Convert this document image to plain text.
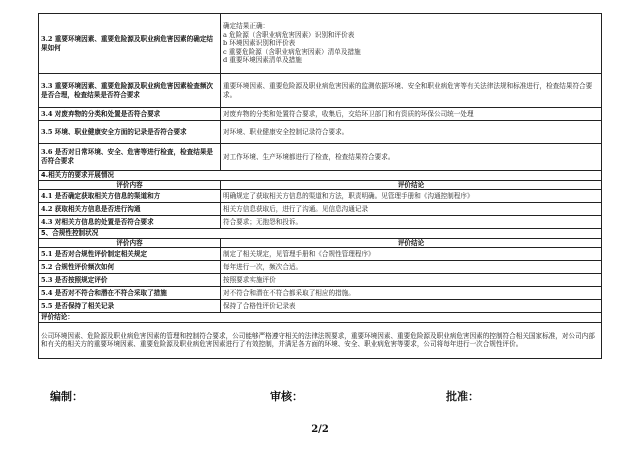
3.2 重要环境因素、重要危险源及职业病危害因素的确定结果如何	确定结果正确：
a 危险源（含职业病危害因素）识别和评价表
b 环境因素识别和评价表
c 重要危险源（含职业病危害因素）清单及措施
d 重要环境因素清单及措施

3.3 重要环境因素、重要危险源及职业病危害因素检查频次是否合理，检查结果是否符合要求	重要环境因素、重要危险源及职业病危害因素的监测依据环境、安全和职业病危害等有关法律法规和标准进行，检查结果符合要求。
3.4 对废弃物的分类和处置是否符合要求	对废弃物的分类和处置符合要求，收集后，交给环卫部门和有资质的环保公司统一处理
3.5 环境、职业健康安全方面的记录是否符合要求	对环境、职业健康安全控制记录符合要求。
3.6 是否对日常环境、安全、危害等进行检查，检查结果是否符合要求	对工作环境、生产环境都进行了检查，检查结果符合要求。
4.相关方的要求开展情况	
评价内容	评价结论
4.1 是否确定获取相关方信息的渠道和方	明确规定了获取相关方信息的渠道和方法，职责明确。见管理手册和《沟通控制程序》
4.2 获取相关方信息是否进行沟通	相关方信息获取后，进行了沟通。见信息沟通记录
4.3 对相关方信息的处置是否符合要求	符合要求；无抱怨和投诉。
5、合规性控制状况	
评价内容	评价结论
5.1 是否对合规性评价制定相关规定	制定了相关规定，见管理手册和《合规性管理程序》
5.2 合规性评价频次如何	每年进行一次，频次合适。
5.3 是否按照规定评价	按照要求实施评价
5.4 是否对不符合和潜在不符合采取了措施	对不符合和潜在不符合都采取了相应的措施。
5.5 是否保持了相关记录	保持了合格性评价记录表
评价结论：	
公司环境因素、危险源及职业病危害因素的管理和控制符合要求，公司能够严格遵守相关的法律法规要求，重要环境因素、重要危险源及职业病危害因素的控制符合相关国家标准，对公司内部和有关的相关方的重要环境因素、重要危险源及职业病危害因素进行了有效控制，并满足各方面的环境、安全、职业病危害等要求，公司将每年进行一次合规性评价。	
编制：	审核：	批准：
2/2
